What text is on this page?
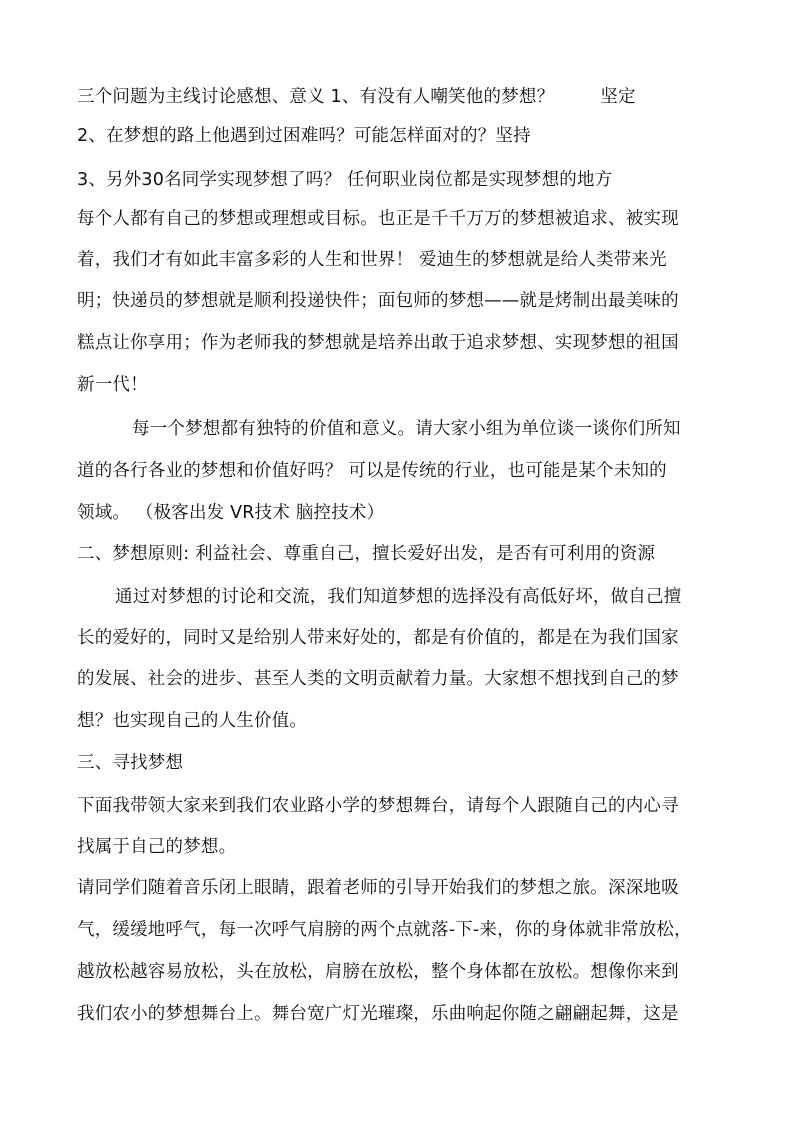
三个问题为主线讨论感想、意义 1、有没有人嘲笑他的梦想？	坚定
2、在梦想的路上他遇到过困难吗？可能怎样面对的？坚持
3、另外30名同学实现梦想了吗？ 任何职业岗位都是实现梦想的地方
每个人都有自己的梦想或理想或目标。也正是千千万万的梦想被追求、被实现
着，我们才有如此丰富多彩的人生和世界！ 爱迪生的梦想就是给人类带来光
明；快递员的梦想就是顺利投递快件；面包师的梦想——就是烤制出最美味的
糕点让你享用；作为老师我的梦想就是培养出敢于追求梦想、实现梦想的祖国
新一代！
每一个梦想都有独特的价值和意义。请大家小组为单位谈一谈你们所知
道的各行各业的梦想和价值好吗？ 可以是传统的行业，也可能是某个未知的
领域。 （极客出发 VR技术 脑控技术）
二、梦想原则: 利益社会、尊重自己，擅长爱好出发，是否有可利用的资源
通过对梦想的讨论和交流，我们知道梦想的选择没有高低好坏，做自己擅
长的爱好的，同时又是给别人带来好处的，都是有价值的，都是在为我们国家
的发展、社会的进步、甚至人类的文明贡献着力量。大家想不想找到自己的梦
想？也实现自己的人生价值。
三、寻找梦想
下面我带领大家来到我们农业路小学的梦想舞台，请每个人跟随自己的内心寻
找属于自己的梦想。
请同学们随着音乐闭上眼睛，跟着老师的引导开始我们的梦想之旅。深深地吸
气，缓缓地呼气，每一次呼气肩膀的两个点就落-下-来，你的身体就非常放松，
越放松越容易放松，头在放松，肩膀在放松，整个身体都在放松。想像你来到
我们农小的梦想舞台上。舞台宽广灯光璀璨，乐曲响起你随之翩翩起舞，这是
